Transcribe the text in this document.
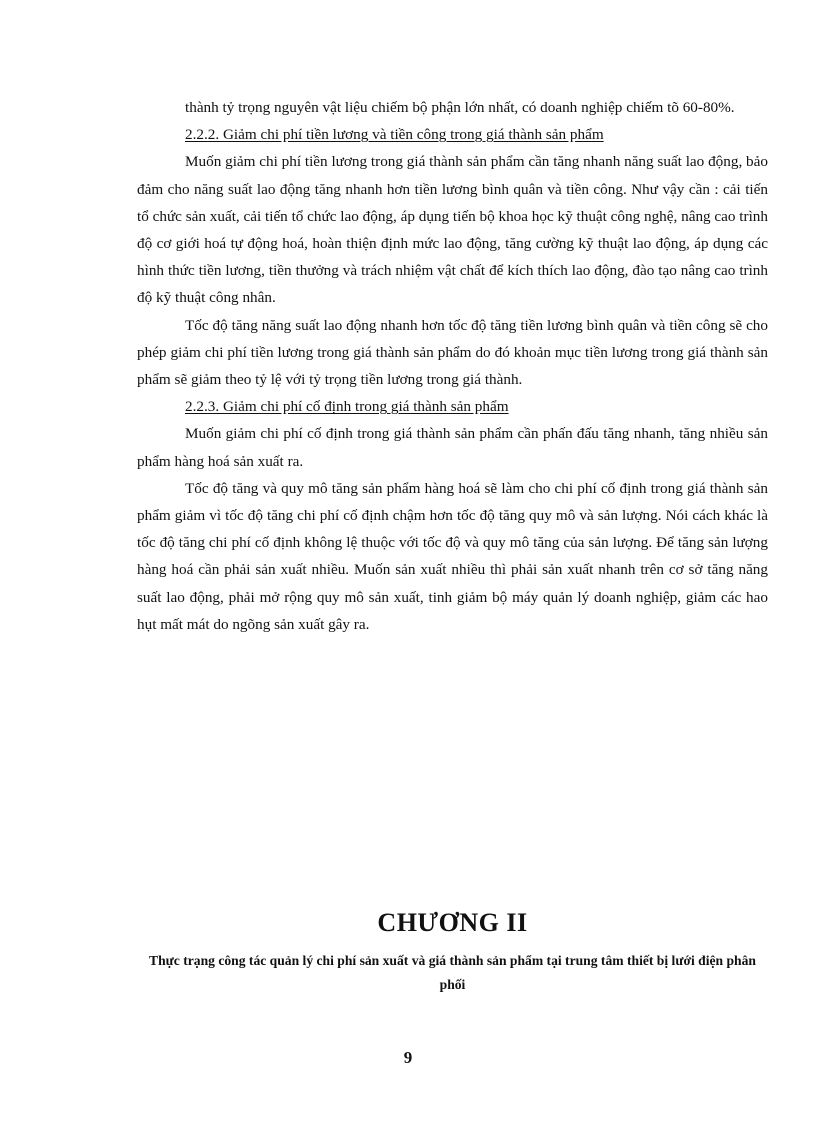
thành tỷ trọng nguyên vật liệu chiếm bộ phận lớn nhất, có doanh nghiệp chiếm tõ 60-80%.

2.2.2. Giảm chi phí tiền lương và tiền công trong giá thành sản phẩm

Muốn giảm chi phí tiền lương trong giá thành sản phẩm cần tăng nhanh năng suất lao động, bảo đảm cho năng suất lao động tăng nhanh hơn tiền lương bình quân và tiền công. Như vậy cần : cải tiến tổ chức sản xuất, cải tiến tổ chức lao động, áp dụng tiến bộ khoa học kỹ thuật công nghệ, nâng cao trình độ cơ giới hoá tự động hoá, hoàn thiện định mức lao động, tăng cường kỹ thuật lao động, áp dụng các hình thức tiền lương, tiền thưởng và trách nhiệm vật chất để kích thích lao động, đào tạo nâng cao trình độ kỹ thuật công nhân.

Tốc độ tăng năng suất lao động nhanh hơn tốc độ tăng tiền lương bình quân và tiền công sẽ cho phép giảm chi phí tiền lương trong giá thành sản phẩm do đó khoản mục tiền lương trong giá thành sản phẩm sẽ giảm theo tỷ lệ với tỷ trọng tiền lương trong giá thành.

2.2.3. Giảm chi phí cố định trong giá thành sản phẩm

Muốn giảm chi phí cố định trong giá thành sản phẩm cần phấn đấu tăng nhanh, tăng nhiều sản phẩm hàng hoá sản xuất ra.

Tốc độ tăng và quy mô tăng sản phẩm hàng hoá sẽ làm cho chi phí cố định trong giá thành sản phẩm giảm vì tốc độ tăng chi phí cố định chậm hơn tốc độ tăng quy mô và sản lượng. Nói cách khác là tốc độ tăng chi phí cố định không lệ thuộc với tốc độ và quy mô tăng của sản lượng. Để tăng sản lượng hàng hoá cần phải sản xuất nhiều. Muốn sản xuất nhiều thì phải sản xuất nhanh trên cơ sở tăng năng suất lao động, phải mở rộng quy mô sản xuất, tinh giảm bộ máy quản lý doanh nghiệp, giảm các hao hụt mất mát do ngõng sản xuất gây ra.

CHƯƠNG II

Thực trạng công tác quản lý chi phí sản xuất và giá thành sản phẩm tại trung tâm thiết bị lưới điện phân phối

9
